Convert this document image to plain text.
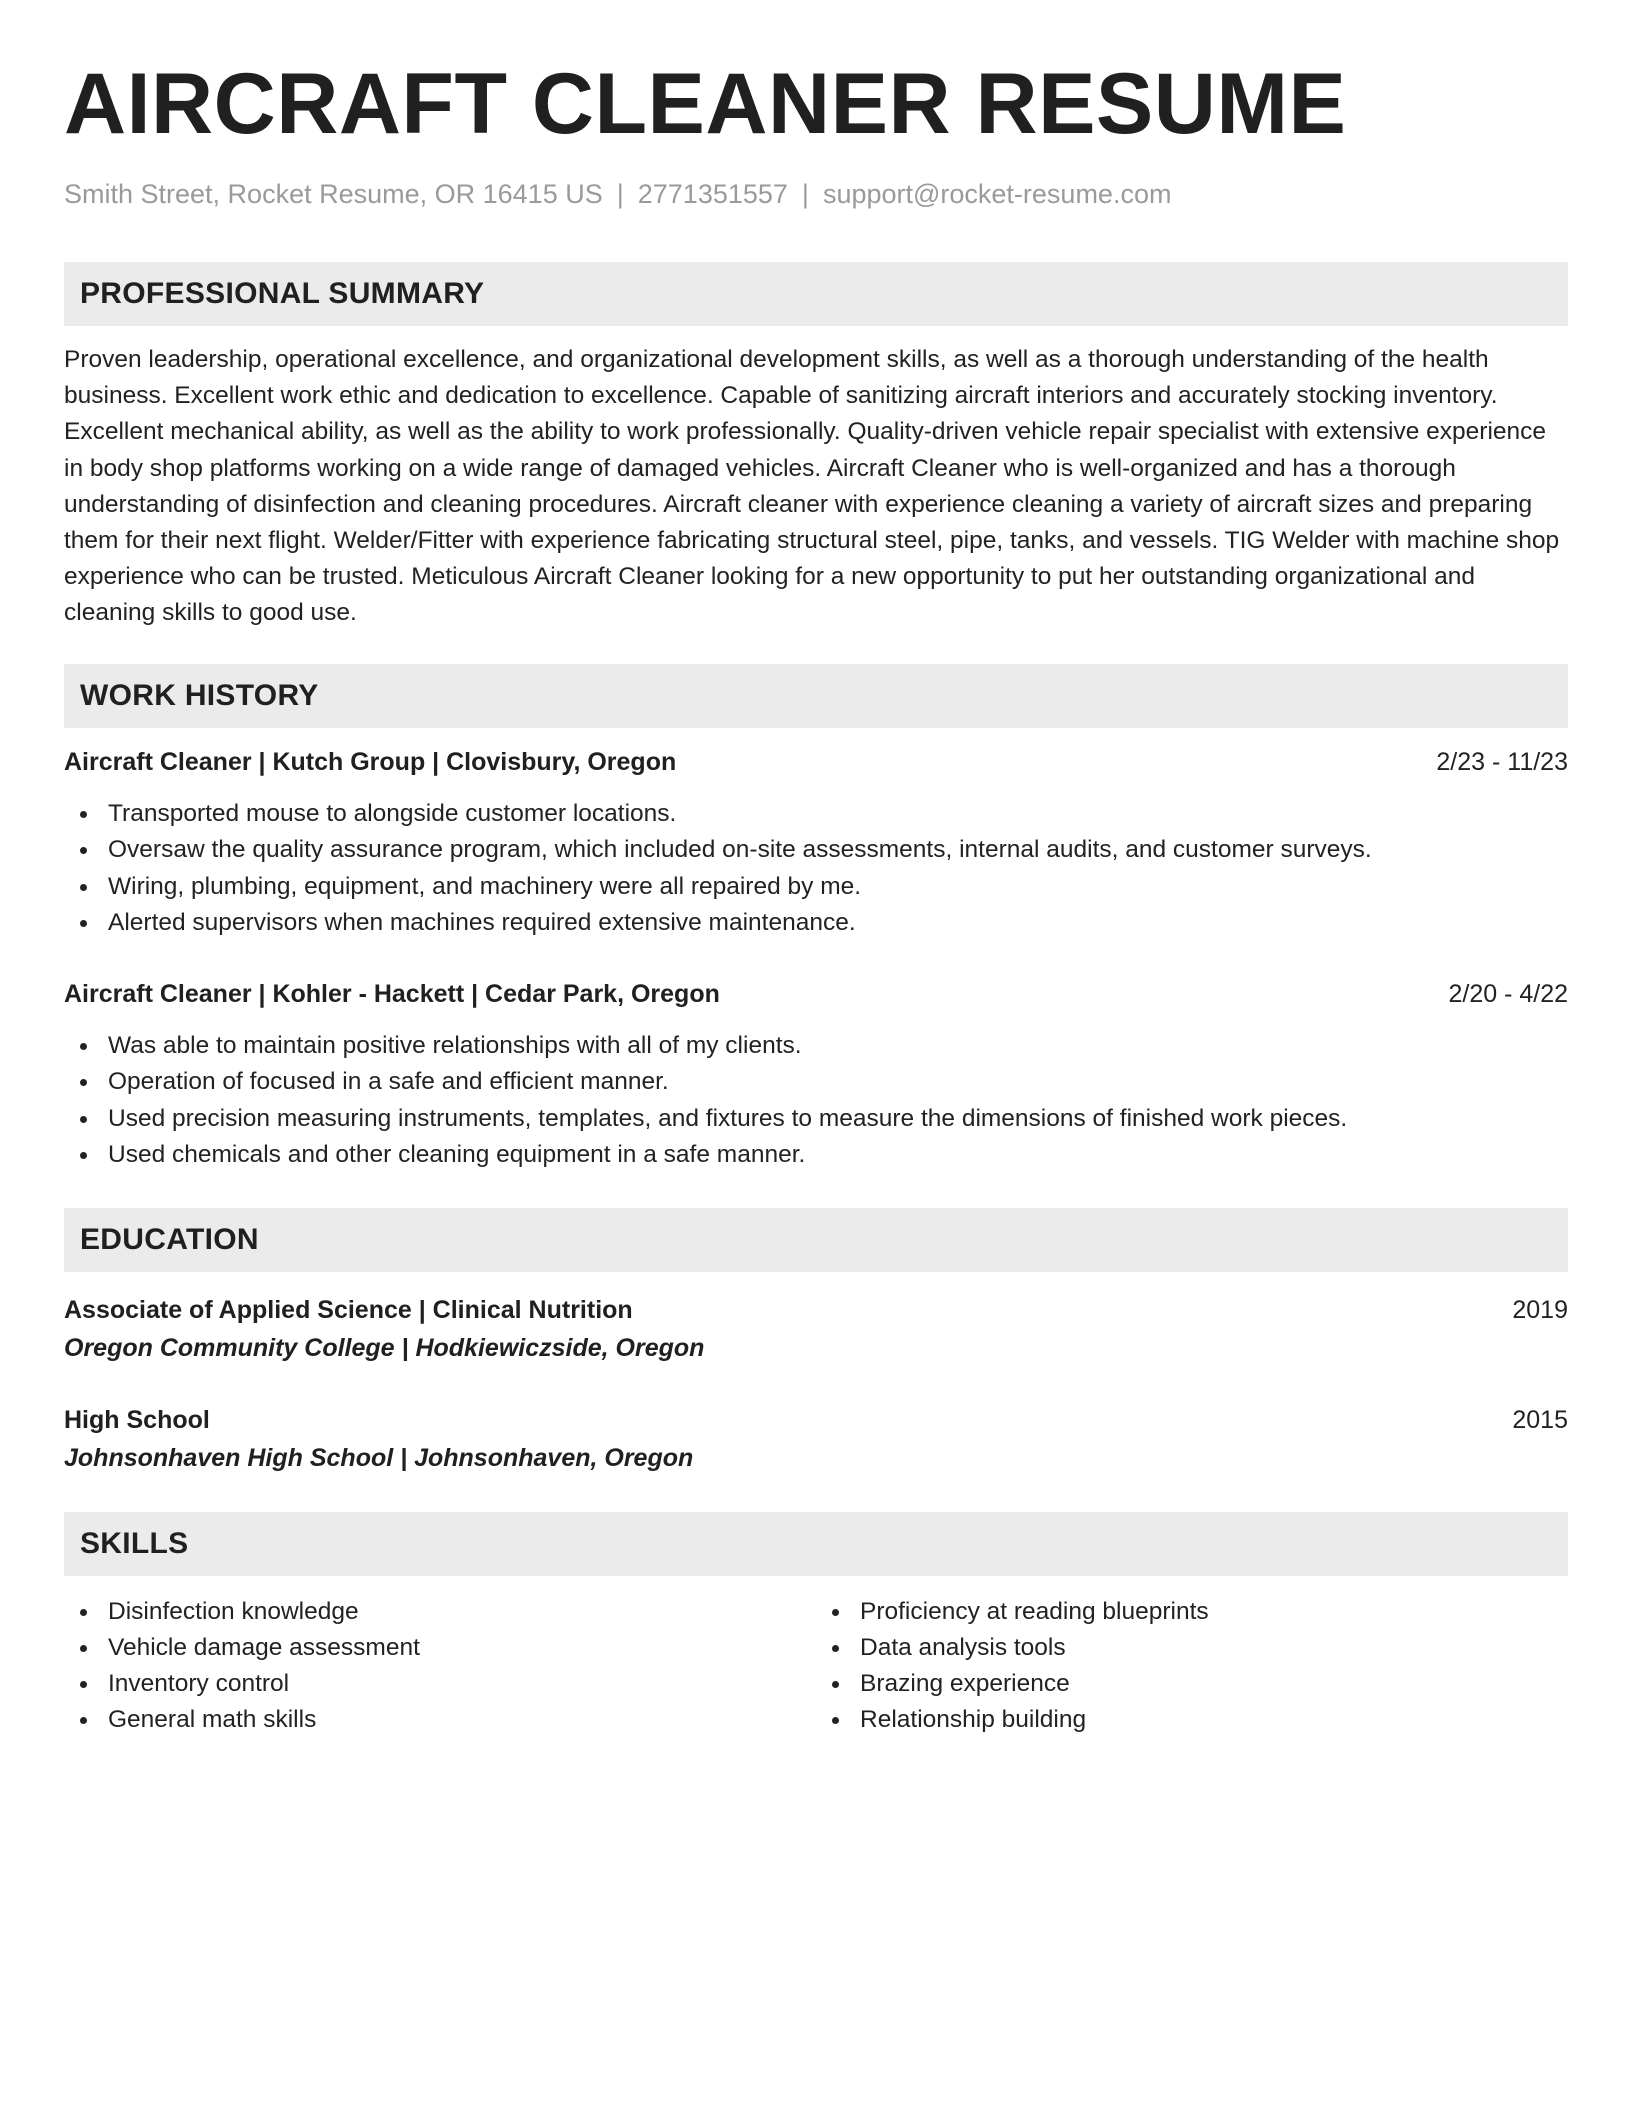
AIRCRAFT CLEANER RESUME
Smith Street, Rocket Resume, OR 16415 US | 2771351557 | support@rocket-resume.com
PROFESSIONAL SUMMARY

Proven leadership, operational excellence, and organizational development skills, as well as a thorough understanding of the health business. Excellent work ethic and dedication to excellence. Capable of sanitizing aircraft interiors and accurately stocking inventory. Excellent mechanical ability, as well as the ability to work professionally. Quality-driven vehicle repair specialist with extensive experience in body shop platforms working on a wide range of damaged vehicles. Aircraft Cleaner who is well-organized and has a thorough understanding of disinfection and cleaning procedures. Aircraft cleaner with experience cleaning a variety of aircraft sizes and preparing them for their next flight. Welder/Fitter with experience fabricating structural steel, pipe, tanks, and vessels. TIG Welder with machine shop experience who can be trusted. Meticulous Aircraft Cleaner looking for a new opportunity to put her outstanding organizational and cleaning skills to good use.

WORK HISTORY
Aircraft Cleaner | Kutch Group | Clovisbury, Oregon	2/23 - 11/23
Transported mouse to alongside customer locations.
Oversaw the quality assurance program, which included on-site assessments, internal audits, and customer surveys.
Wiring, plumbing, equipment, and machinery were all repaired by me.
Alerted supervisors when machines required extensive maintenance.
Aircraft Cleaner | Kohler - Hackett | Cedar Park, Oregon	2/20 - 4/22
Was able to maintain positive relationships with all of my clients.
Operation of focused in a safe and efficient manner.
Used precision measuring instruments, templates, and fixtures to measure the dimensions of finished work pieces.
Used chemicals and other cleaning equipment in a safe manner.
EDUCATION
Associate of Applied Science | Clinical Nutrition	2019
Oregon Community College | Hodkiewiczside, Oregon
High School	2015
Johnsonhaven High School | Johnsonhaven, Oregon
SKILLS
Disinfection knowledge
Vehicle damage assessment
Inventory control
General math skills
Proficiency at reading blueprints
Data analysis tools
Brazing experience
Relationship building
